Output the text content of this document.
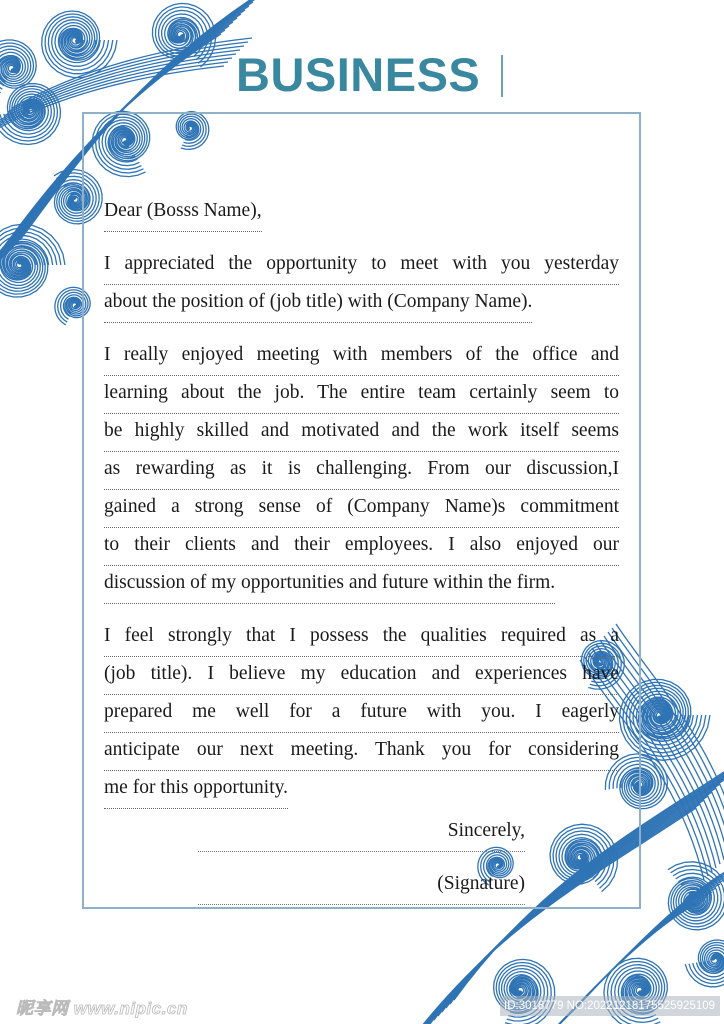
BUSINESS
Dear (Bosss Name),
I appreciated the opportunity to meet with you yesterday
about the position of (job title) with (Company Name).
I really enjoyed meeting with members of the office and
learning about the job. The entire team certainly seem to
be highly skilled and motivated and the work itself seems
as rewarding as it is challenging. From our discussion,I
gained a strong sense of (Company Name)s commitment
to their clients and their employees. I also enjoyed our
discussion of my opportunities and future within the firm.
I feel strongly that I possess the qualities required as a
(job title). I believe my education and experiences have
prepared me well for a future with you. I eagerly
anticipate our next meeting. Thank you for considering
me for this opportunity.
Sincerely,
(Signature)
昵享网 www.nipic.cn	ID:3018779 NO:20221218175525925109
